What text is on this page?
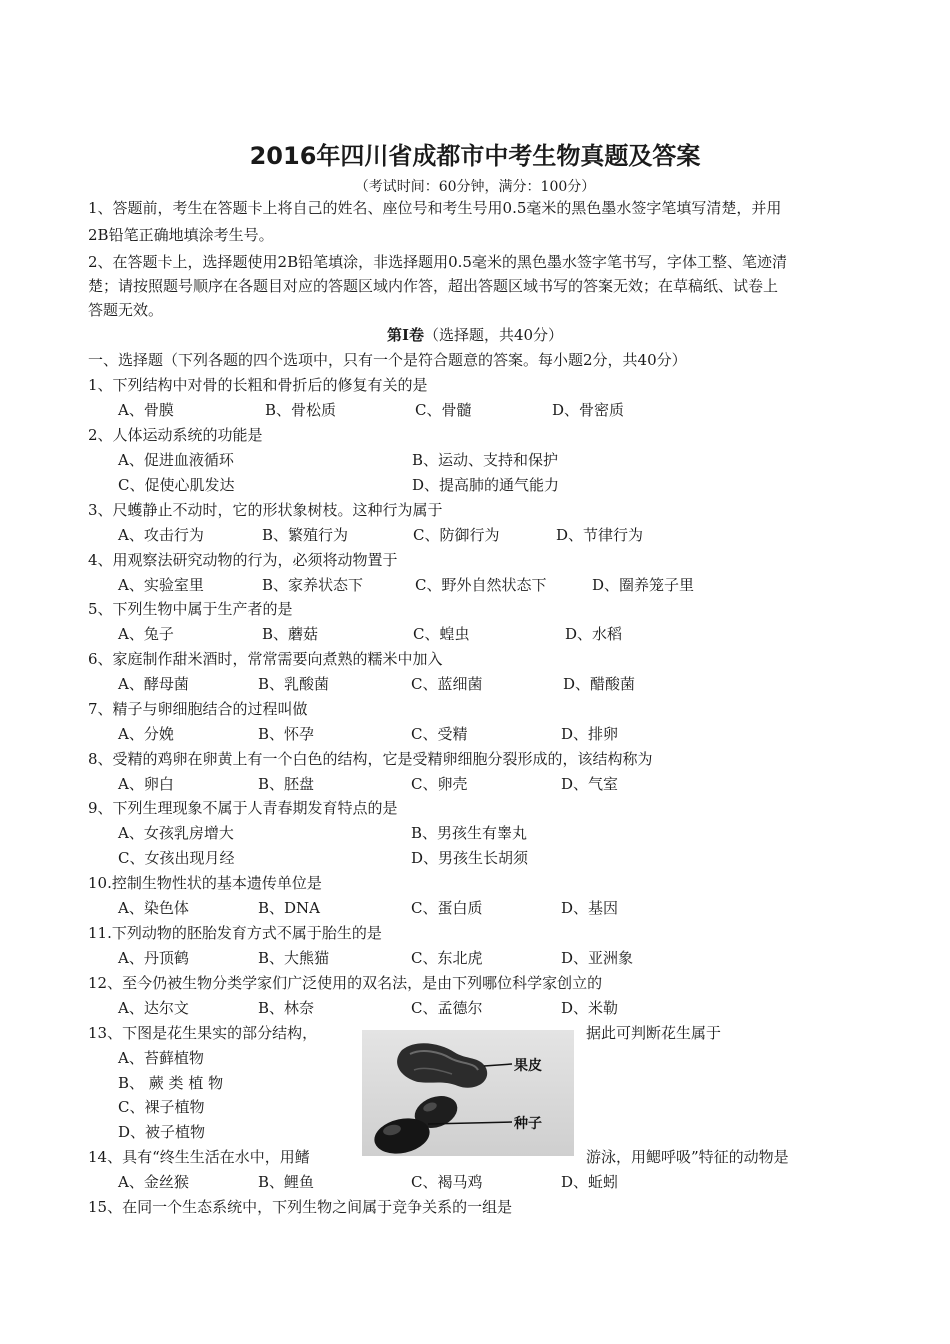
2016年四川省成都市中考生物真题及答案
（考试时间：60分钟，满分：100分）
1、答题前，考生在答题卡上将自己的姓名、座位号和考生号用0.5毫米的黑色墨水签字笔填写清楚，并用
2B铅笔正确地填涂考生号。
2、在答题卡上，选择题使用2B铅笔填涂，非选择题用0.5毫米的黑色墨水签字笔书写，字体工整、笔迹清
楚；请按照题号顺序在各题目对应的答题区域内作答，超出答题区域书写的答案无效；在草稿纸、试卷上
答题无效。
第Ⅰ卷（选择题，共40分）
一、选择题（下列各题的四个选项中，只有一个是符合题意的答案。每小题2分，共40分）
1、下列结构中对骨的长粗和骨折后的修复有关的是
A、骨膜	B、骨松质	C、骨髓	D、骨密质
2、人体运动系统的功能是
A、促进血液循环	B、运动、支持和保护
C、促使心肌发达	D、提高肺的通气能力
3、尺蠖静止不动时，它的形状象树枝。这种行为属于
A、攻击行为	B、繁殖行为	C、防御行为	D、节律行为
4、用观察法研究动物的行为，必须将动物置于
A、实验室里	B、家养状态下	C、野外自然状态下	D、圈养笼子里
5、下列生物中属于生产者的是
A、兔子	B、蘑菇	C、蝗虫	D、水稻
6、家庭制作甜米酒时，常常需要向煮熟的糯米中加入
A、酵母菌	B、乳酸菌	C、蓝细菌	D、醋酸菌
7、精子与卵细胞结合的过程叫做
A、分娩	B、怀孕	C、受精	D、排卵
8、受精的鸡卵在卵黄上有一个白色的结构，它是受精卵细胞分裂形成的，该结构称为
A、卵白	B、胚盘	C、卵壳	D、气室
9、下列生理现象不属于人青春期发育特点的是
A、女孩乳房增大	B、男孩生有睾丸
C、女孩出现月经	D、男孩生长胡须
10.控制生物性状的基本遗传单位是
A、染色体	B、DNA	C、蛋白质	D、基因
11.下列动物的胚胎发育方式不属于胎生的是
A、丹顶鹤	B、大熊猫	C、东北虎	D、亚洲象
12、至今仍被生物分类学家们广泛使用的双名法，是由下列哪位科学家创立的
A、达尔文	B、林奈	C、孟德尔	D、米勒
13、下图是花生果实的部分结构，	据此可判断花生属于
A、苔藓植物
B、 蕨 类 植 物
C、裸子植物
D、被子植物
果皮
种子
14、具有“终生生活在水中，用鳍	游泳，用鳃呼吸”特征的动物是
A、金丝猴	B、鲤鱼	C、褐马鸡	D、蚯蚓
15、在同一个生态系统中，下列生物之间属于竞争关系的一组是
